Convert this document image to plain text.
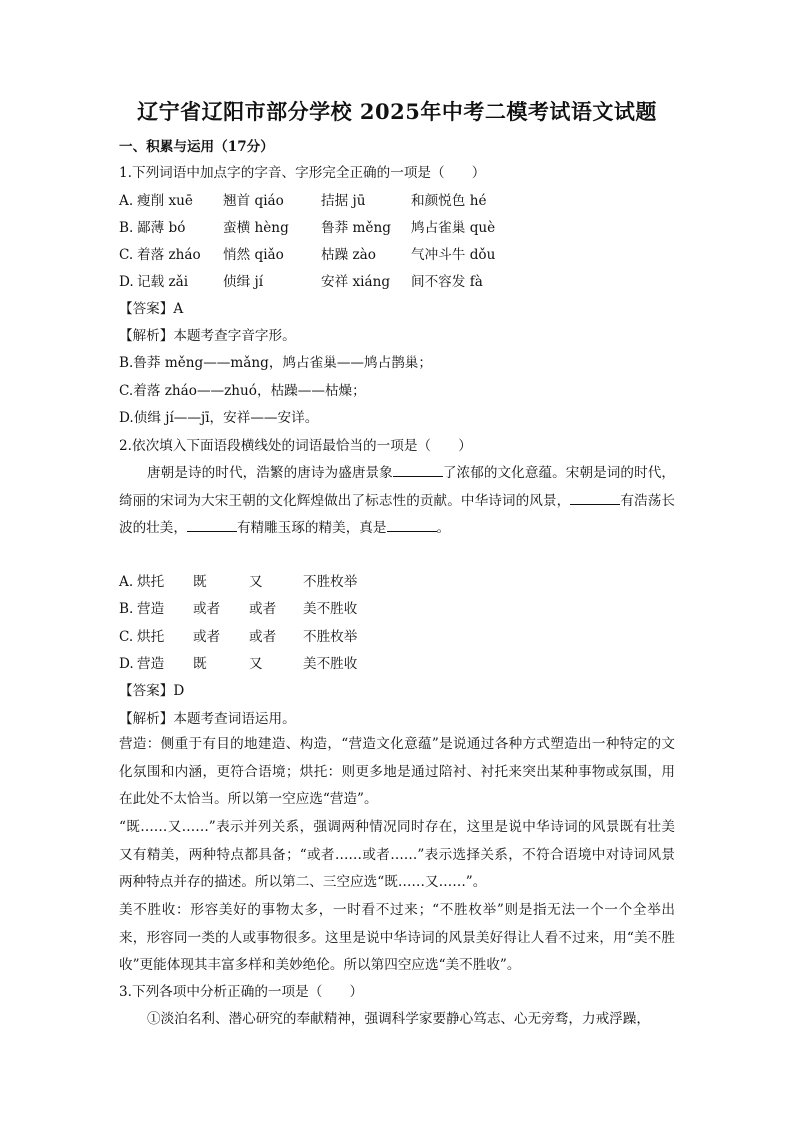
辽宁省辽阳市部分学校 2025年中考二模考试语文试题
一、积累与运用（17分）
1.下列词语中加点字的字音、字形完全正确的一项是（　　）
A. 瘦削 xuē 翘首 qiáo	拮据 jū	和颜悦色 hé
B. 鄙薄 bó	蛮横 hèng 鲁莽 měng 鸠占雀巢 què
C. 着落 zháo 悄然 qiǎo	枯躁 zào	气冲斗牛 dǒu
D. 记载 zǎi	侦缉 jí	安祥 xiáng 间不容发 fà
【答案】A
【解析】本题考查字音字形。
B.鲁莽 měng——mǎng，鸠占雀巢——鸠占鹊巢；
C.着落 zháo——zhuó，枯躁——枯燥；
D.侦缉 jí——jī，安祥——安详。
2.依次填入下面语段横线处的词语最恰当的一项是（　　）
唐朝是诗的时代，浩繁的唐诗为盛唐景象	了浓郁的文化意蕴。宋朝是词的时代，绮丽的宋词为大宋王朝的文化辉煌做出了标志性的贡献。中华诗词的风景，	有浩荡长波的壮美，	有精雕玉琢的精美，真是	。
A. 烘托 既	又	不胜枚举
B. 营造 或者 或者 美不胜收
C. 烘托 或者 或者 不胜枚举
D. 营造 既	又	美不胜收
【答案】D
【解析】本题考查词语运用。
营造：侧重于有目的地建造、构造，“营造文化意蕴”是说通过各种方式塑造出一种特定的文化氛围和内涵，更符合语境；烘托：则更多地是通过陪衬、衬托来突出某种事物或氛围，用在此处不太恰当。所以第一空应选“营造”。
“既……又……”表示并列关系，强调两种情况同时存在，这里是说中华诗词的风景既有壮美又有精美，两种特点都具备；“或者……或者……”表示选择关系，不符合语境中对诗词风景两种特点并存的描述。所以第二、三空应选“既……又……”。
美不胜收：形容美好的事物太多，一时看不过来；“不胜枚举”则是指无法一个一个全举出来，形容同一类的人或事物很多。这里是说中华诗词的风景美好得让人看不过来，用“美不胜收”更能体现其丰富多样和美妙绝伦。所以第四空应选“美不胜收”。
3.下列各项中分析正确的一项是（　　）
①淡泊名利、潜心研究的奉献精神，强调科学家要静心笃志、心无旁骛，力戒浮躁，
